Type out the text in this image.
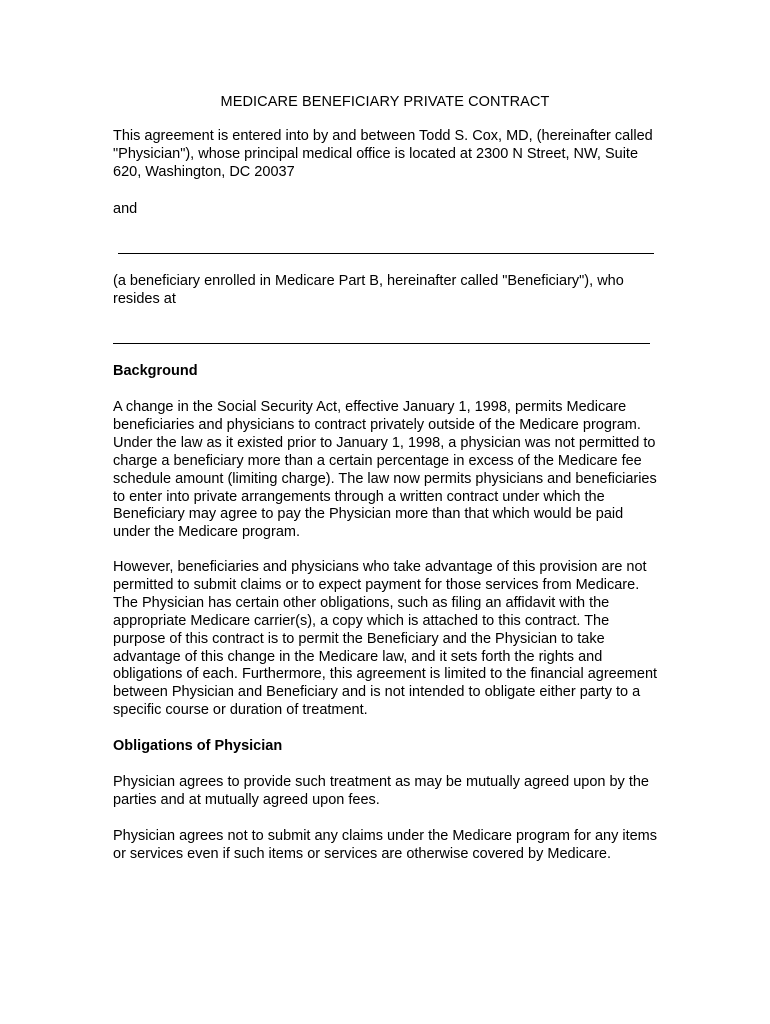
MEDICARE BENEFICIARY PRIVATE CONTRACT
This agreement is entered into by and between Todd S. Cox, MD, (hereinafter called "Physician"), whose principal medical office is located at 2300 N Street, NW, Suite 620, Washington, DC 20037
and
(a beneficiary enrolled in Medicare Part B, hereinafter called "Beneficiary"), who resides at
Background
A change in the Social Security Act, effective January 1, 1998, permits Medicare beneficiaries and physicians to contract privately outside of the Medicare program. Under the law as it existed prior to January 1, 1998, a physician was not permitted to charge a beneficiary more than a certain percentage in excess of the Medicare fee schedule amount (limiting charge). The law now permits physicians and beneficiaries to enter into private arrangements through a written contract under which the Beneficiary may agree to pay the Physician more than that which would be paid under the Medicare program.
However, beneficiaries and physicians who take advantage of this provision are not permitted to submit claims or to expect payment for those services from Medicare. The Physician has certain other obligations, such as filing an affidavit with the appropriate Medicare carrier(s), a copy which is attached to this contract. The purpose of this contract is to permit the Beneficiary and the Physician to take advantage of this change in the Medicare law, and it sets forth the rights and obligations of each. Furthermore, this agreement is limited to the financial agreement between Physician and Beneficiary and is not intended to obligate either party to a specific course or duration of treatment.
Obligations of Physician
Physician agrees to provide such treatment as may be mutually agreed upon by the parties and at mutually agreed upon fees.
Physician agrees not to submit any claims under the Medicare program for any items or services even if such items or services are otherwise covered by Medicare.
